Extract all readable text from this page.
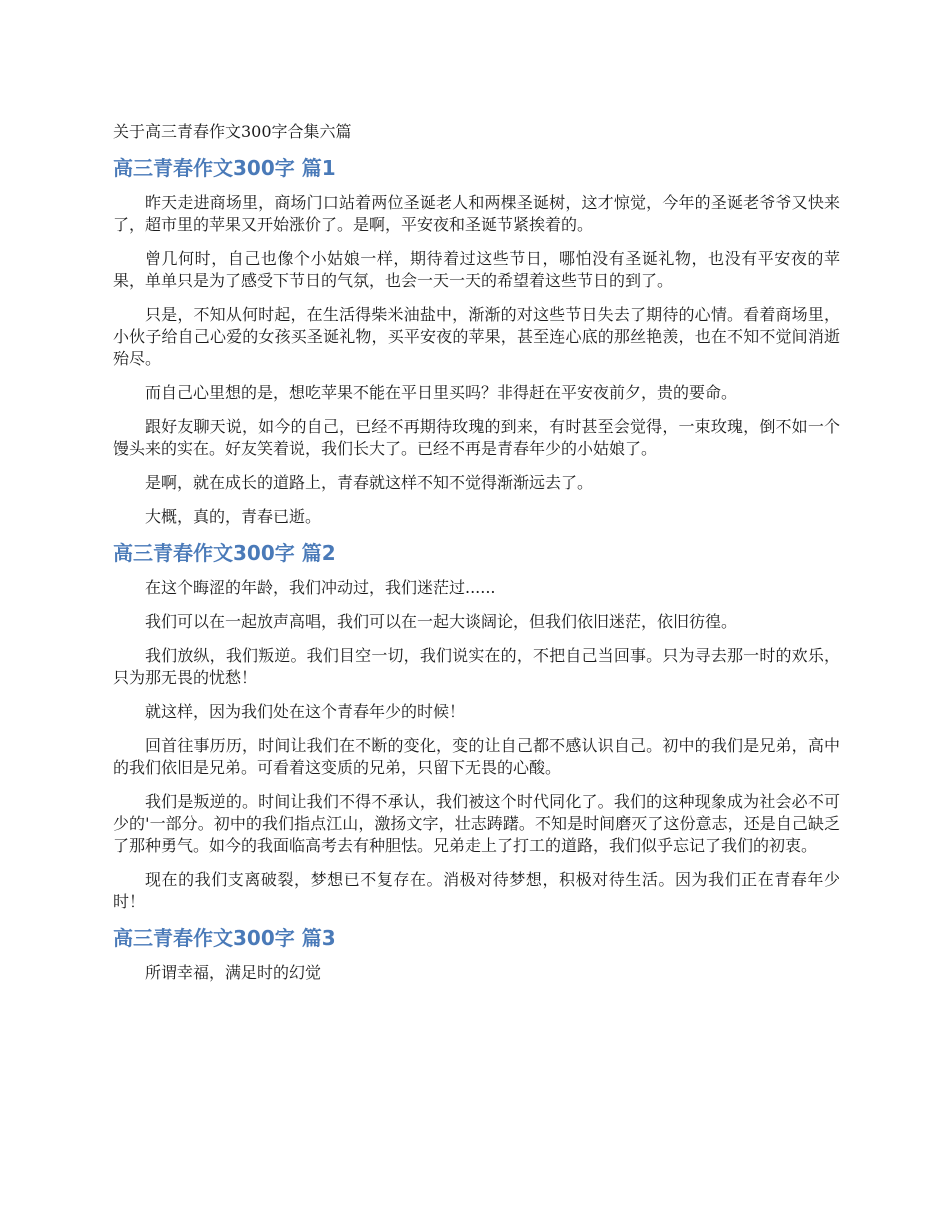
关于高三青春作文300字合集六篇
高三青春作文300字 篇1

昨天走进商场里，商场门口站着两位圣诞老人和两棵圣诞树，这才惊觉，今年的圣诞老爷爷又快来了，超市里的苹果又开始涨价了。是啊，平安夜和圣诞节紧挨着的。

曾几何时，自己也像个小姑娘一样，期待着过这些节日，哪怕没有圣诞礼物，也没有平安夜的苹果，单单只是为了感受下节日的气氛，也会一天一天的希望着这些节日的到了。

只是，不知从何时起，在生活得柴米油盐中，渐渐的对这些节日失去了期待的心情。看着商场里，小伙子给自己心爱的女孩买圣诞礼物，买平安夜的苹果，甚至连心底的那丝艳羡，也在不知不觉间消逝殆尽。

而自己心里想的是，想吃苹果不能在平日里买吗？非得赶在平安夜前夕，贵的要命。

跟好友聊天说，如今的自己，已经不再期待玫瑰的到来，有时甚至会觉得，一束玫瑰，倒不如一个馒头来的实在。好友笑着说，我们长大了。已经不再是青春年少的小姑娘了。

是啊，就在成长的道路上，青春就这样不知不觉得渐渐远去了。

大概，真的，青春已逝。

高三青春作文300字 篇2

在这个晦涩的年龄，我们冲动过，我们迷茫过......

我们可以在一起放声高唱，我们可以在一起大谈阔论，但我们依旧迷茫，依旧彷徨。

我们放纵，我们叛逆。我们目空一切，我们说实在的，不把自己当回事。只为寻去那一时的欢乐，只为那无畏的忧愁！

就这样，因为我们处在这个青春年少的时候！

回首往事历历，时间让我们在不断的变化，变的让自己都不感认识自己。初中的我们是兄弟，高中的我们依旧是兄弟。可看着这变质的兄弟，只留下无畏的心酸。

我们是叛逆的。时间让我们不得不承认，我们被这个时代同化了。我们的这种现象成为社会必不可少的'一部分。初中的我们指点江山，激扬文字，壮志踌躇。不知是时间磨灭了这份意志，还是自己缺乏了那种勇气。如今的我面临高考去有种胆怯。兄弟走上了打工的道路，我们似乎忘记了我们的初衷。

现在的我们支离破裂，梦想已不复存在。消极对待梦想，积极对待生活。因为我们正在青春年少时！

高三青春作文300字 篇3

所谓幸福，满足时的幻觉
